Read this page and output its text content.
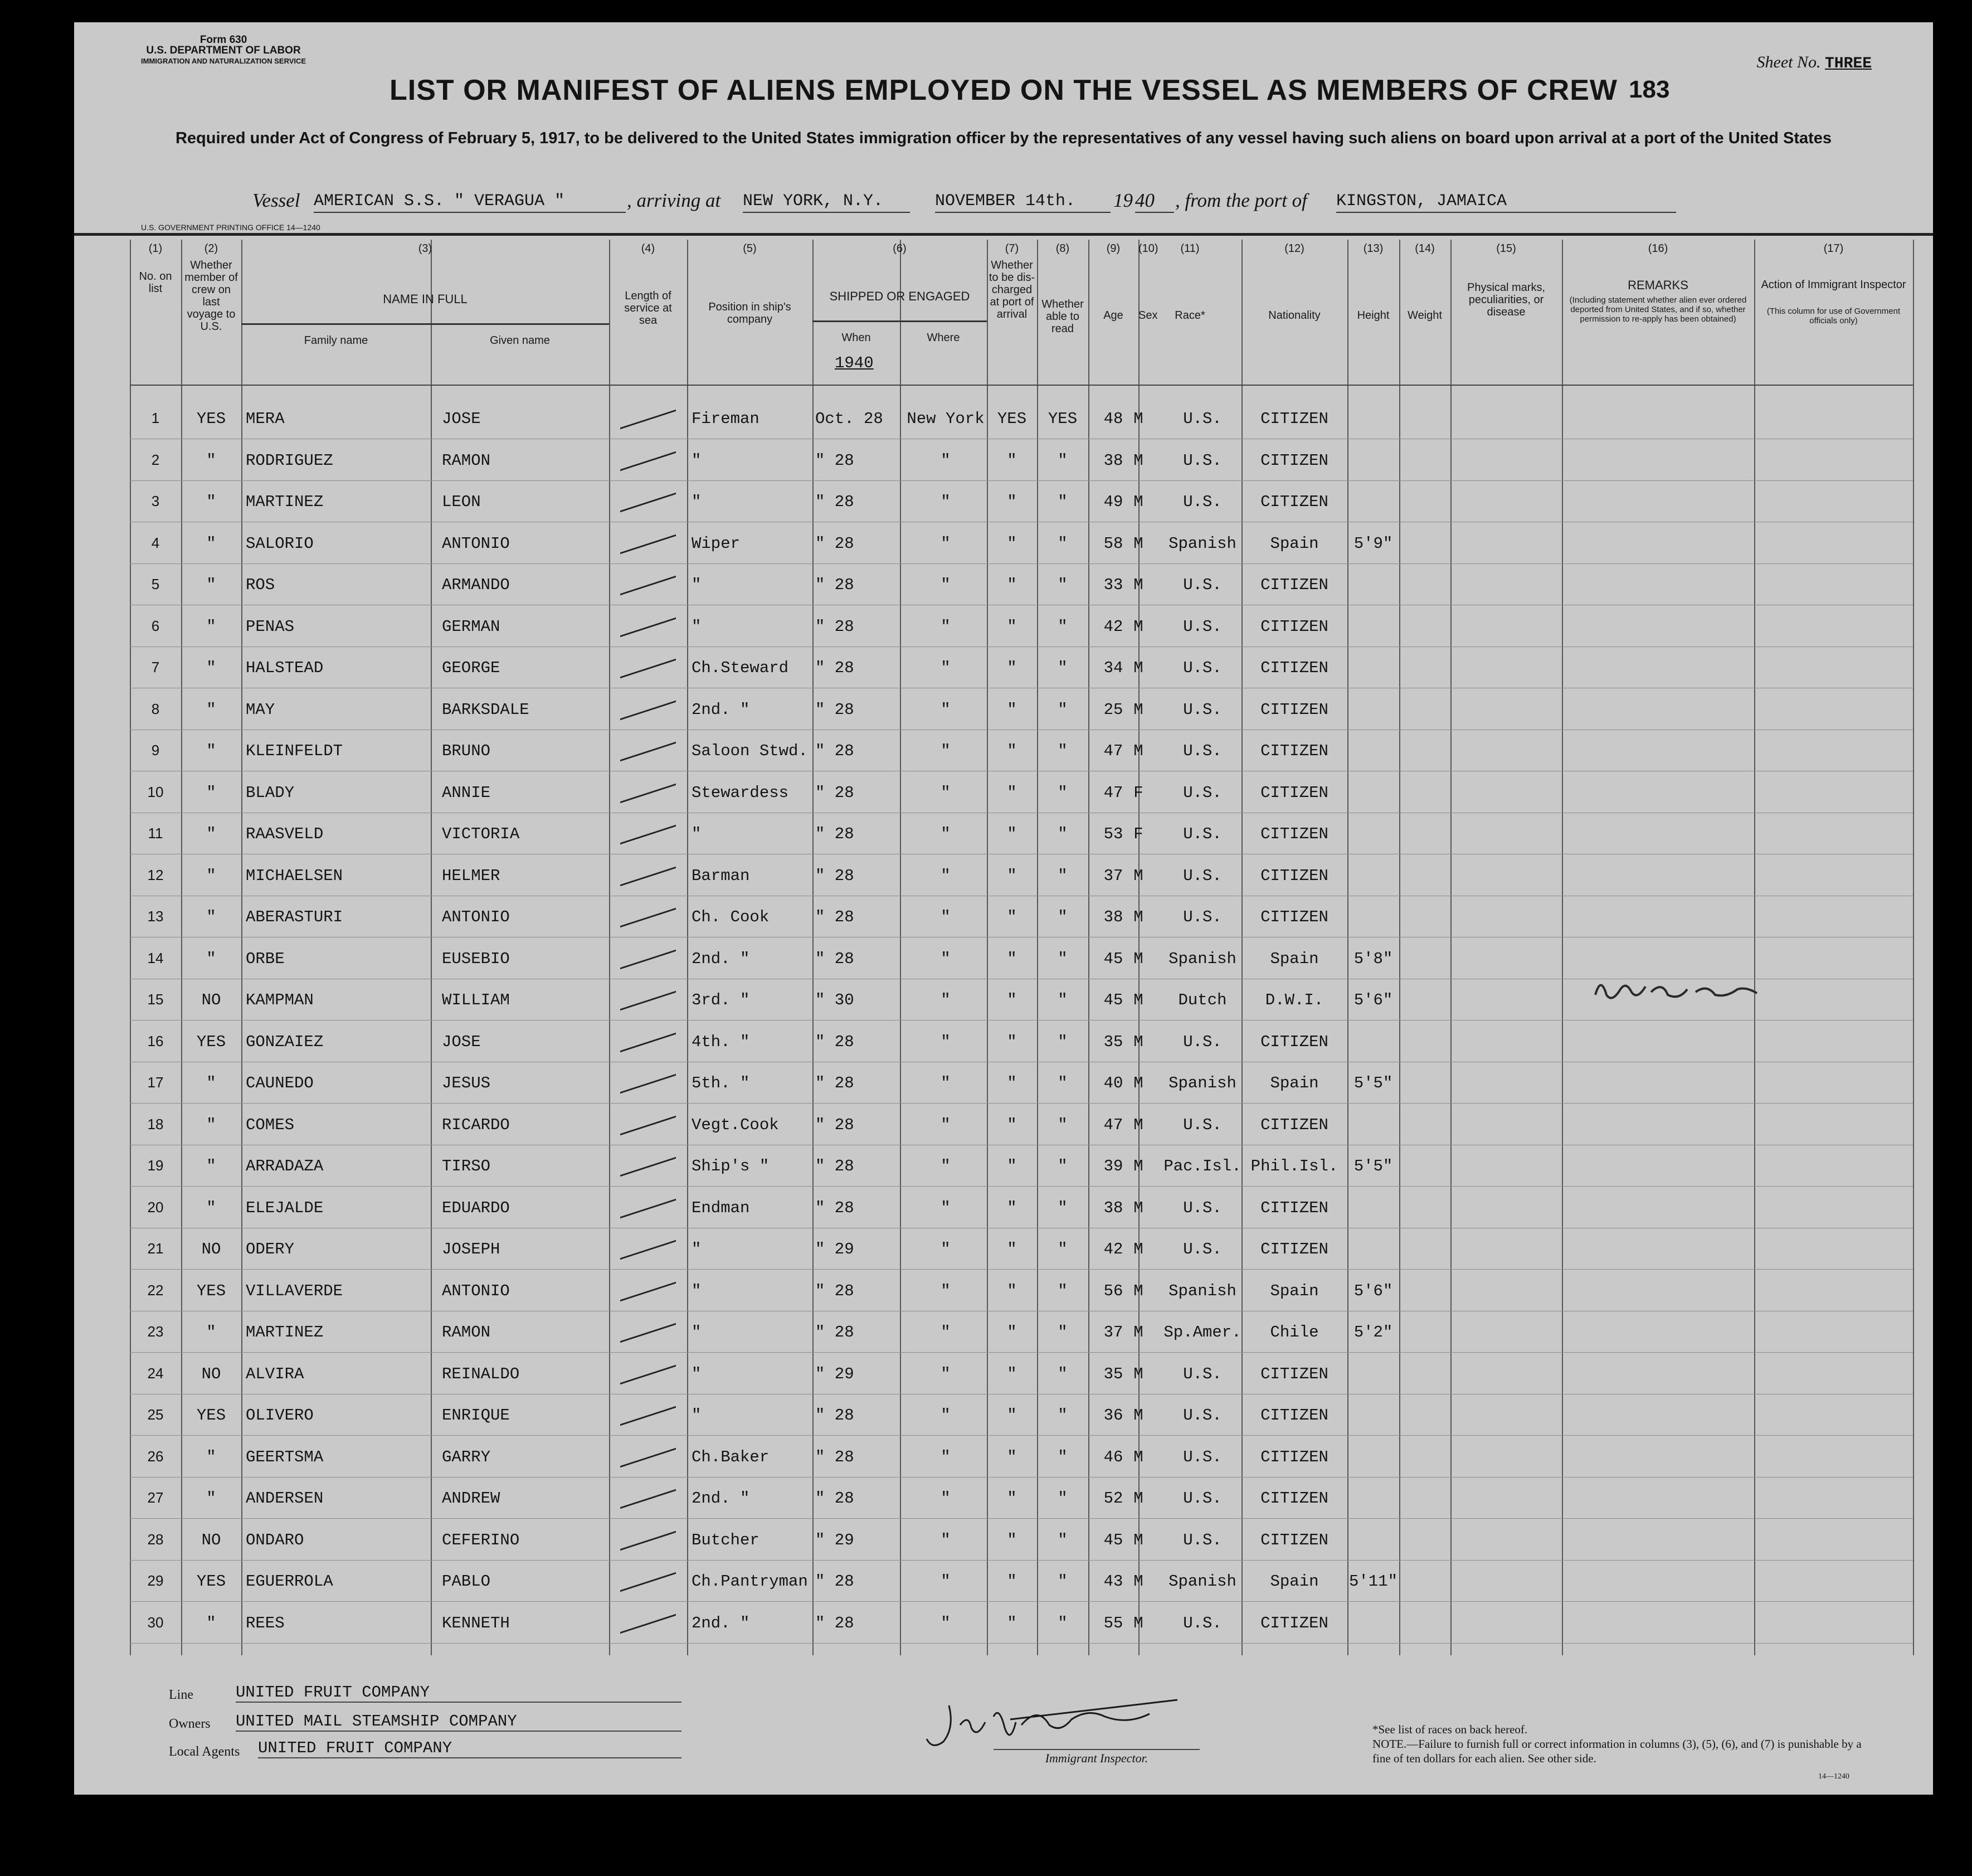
Form 630
U.S. DEPARTMENT OF LABOR
IMMIGRATION AND NATURALIZATION SERVICE	Sheet No. THREE
LIST OR MANIFEST OF ALIENS EMPLOYED ON THE VESSEL AS MEMBERS OF CREW 183
Required under Act of Congress of February 5, 1917, to be delivered to the United States immigration officer by the representatives of any vessel having such aliens on board upon arrival at a port of the United States
Vessel AMERICAN S.S. " VERAGUA "	, arriving at NEW YORK, N.Y.	NOVEMBER 14th. 19 40 , from the port of KINGSTON, JAMAICA
U.S. GOVERNMENT PRINTING OFFICE 14—1240
(1)	(2)	(3)	(4)	(5)	(6)	(7)	(8)	(9)	(10)	(11)	(12)	(13)	(14)	(15)	(16)	(17)
No. on list
Whether member of crew on last voyage to U.S.
NAME IN FULL
Family name	Given name
Length of service at sea
Position in ship's company
SHIPPED OR ENGAGED
When	Where
1940
Whether to be dis- charged at port of arrival
Whether able to read
Age	Sex	Race*	Nationality	Height	Weight
Physical marks, peculiarities, or disease
REMARKS
(Including statement whether alien ever ordered deported from United States, and if so, whether permission to re-apply has been obtained)
Action of Immigrant Inspector
(This column for use of Government officials only)
1	YES	MERA	JOSE	Fireman	Oct. 28	New York YES	YES	48 M	U.S.	CITIZEN
2	"	RODRIGUEZ	RAMON	"	" 28	"	"	"	38 M	U.S.	CITIZEN
3	"	MARTINEZ	LEON	"	" 28	"	"	"	49 M	U.S.	CITIZEN
4	"	SALORIO	ANTONIO	Wiper	" 28	"	"	"	58 M	Spanish	Spain	5'9"
5	"	ROS	ARMANDO	"	" 28	"	"	"	33 M	U.S.	CITIZEN
6	"	PENAS	GERMAN	"	" 28	"	"	"	42 M	U.S.	CITIZEN
7	"	HALSTEAD	GEORGE	Ch.Steward	" 28	"	"	"	34 M	U.S.	CITIZEN
8	"	MAY	BARKSDALE	2nd. "	" 28	"	"	"	25 M	U.S.	CITIZEN
9	"	KLEINFELDT	BRUNO	Saloon Stwd. " 28	"	"	"	47 M	U.S.	CITIZEN
10	"	BLADY	ANNIE	Stewardess	" 28	"	"	"	47 F	U.S.	CITIZEN
11	"	RAASVELD	VICTORIA	"	" 28	"	"	"	53 F	U.S.	CITIZEN
12	"	MICHAELSEN	HELMER	Barman	" 28	"	"	"	37 M	U.S.	CITIZEN
13	"	ABERASTURI	ANTONIO	Ch. Cook	" 28	"	"	"	38 M	U.S.	CITIZEN
14	"	ORBE	EUSEBIO	2nd. "	" 28	"	"	"	45 M	Spanish	Spain	5'8"
15	NO	KAMPMAN	WILLIAM	3rd. "	" 30	"	"	"	45 M	Dutch	D.W.I.	5'6"
16	YES	GONZAIEZ	JOSE	4th. "	" 28	"	"	"	35 M	U.S.	CITIZEN
17	"	CAUNEDO	JESUS	5th. "	" 28	"	"	"	40 M	Spanish	Spain	5'5"
18	"	COMES	RICARDO	Vegt.Cook	" 28	"	"	"	47 M	U.S.	CITIZEN
19	"	ARRADAZA	TIRSO	Ship's "	" 28	"	"	"	39 M	Pac.Isl. Phil.Isl. 5'5"
20	"	ELEJALDE	EDUARDO	Endman	" 28	"	"	"	38 M	U.S.	CITIZEN
21	NO	ODERY	JOSEPH	"	" 29	"	"	"	42 M	U.S.	CITIZEN
22	YES	VILLAVERDE	ANTONIO	"	" 28	"	"	"	56 M	Spanish	Spain	5'6"
23	"	MARTINEZ	RAMON	"	" 28	"	"	"	37 M	Sp.Amer.	Chile	5'2"
24	NO	ALVIRA	REINALDO	"	" 29	"	"	"	35 M	U.S.	CITIZEN
25	YES	OLIVERO	ENRIQUE	"	" 28	"	"	"	36 M	U.S.	CITIZEN
26	"	GEERTSMA	GARRY	Ch.Baker	" 28	"	"	"	46 M	U.S.	CITIZEN
27	"	ANDERSEN	ANDREW	2nd. "	" 28	"	"	"	52 M	U.S.	CITIZEN
28	NO	ONDARO	CEFERINO	Butcher	" 29	"	"	"	45 M	U.S.	CITIZEN
29	YES	EGUERROLA	PABLO	Ch.Pantryman " 28	"	"	"	43 M	Spanish	Spain	5'11"
30	"	REES	KENNETH	2nd. "	" 28	"	"	"	55 M	U.S.	CITIZEN
Line	UNITED FRUIT COMPANY
Owners UNITED MAIL STEAMSHIP COMPANY
Local Agents UNITED FRUIT COMPANY
Immigrant Inspector.
*See list of races on back hereof.
NOTE.—Failure to furnish full or correct information in columns (3), (5), (6), and (7) is punishable by a fine of ten dollars for each alien. See other side.
14—1240
